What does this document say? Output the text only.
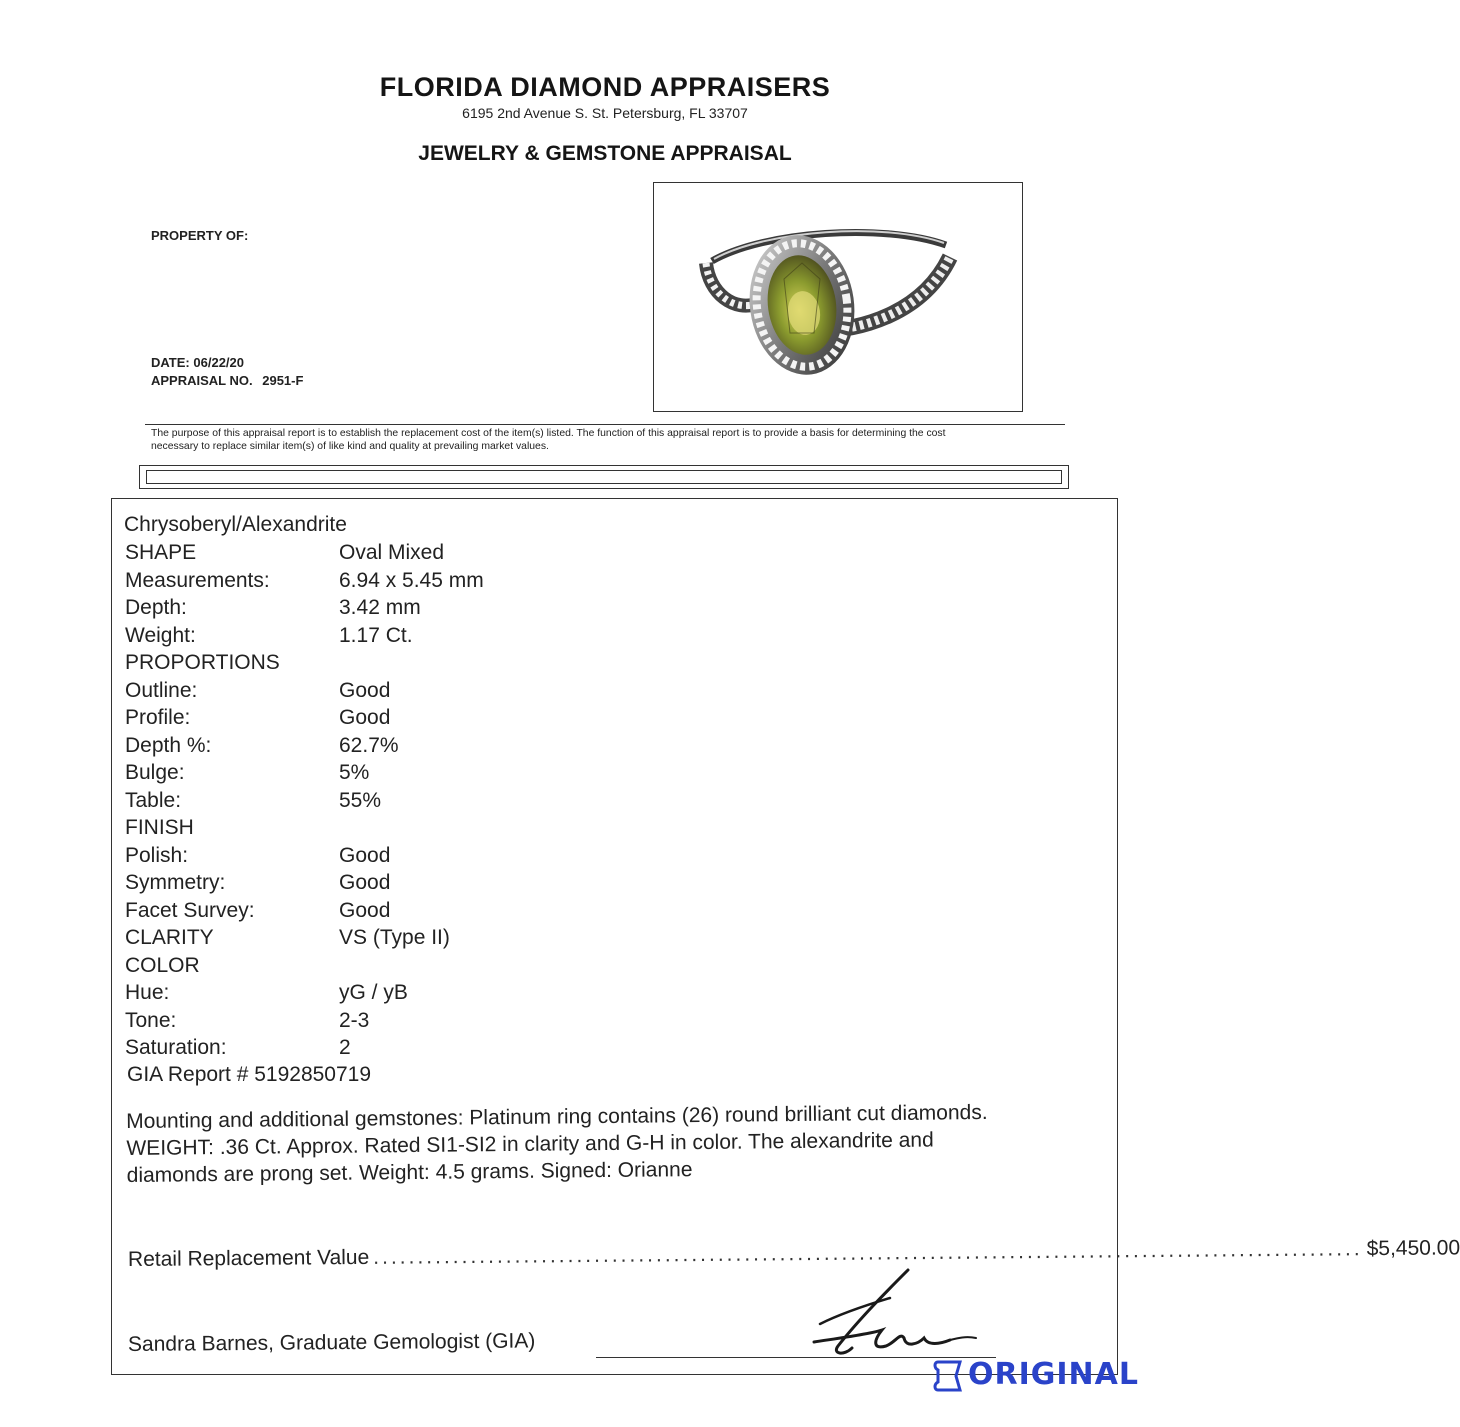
FLORIDA DIAMOND APPRAISERS
6195 2nd Avenue S. St. Petersburg, FL 33707
JEWELRY & GEMSTONE APPRAISAL
PROPERTY OF:
DATE: 06/22/20
APPRAISAL NO. 2951-F
The purpose of this appraisal report is to establish the replacement cost of the item(s) listed. The function of this appraisal report is to provide a basis for determining the cost
necessary to replace similar item(s) of like kind and quality at prevailing market values.
Chrysoberyl/Alexandrite
SHAPE	Oval Mixed
Measurements:	6.94 x 5.45 mm
Depth:	3.42 mm
Weight:	1.17 Ct.
PROPORTIONS
Outline:	Good
Profile:	Good
Depth %:	62.7%
Bulge:	5%
Table:	55%
FINISH
Polish:	Good
Symmetry:	Good
Facet Survey:	Good
CLARITY	VS (Type II)
COLOR
Hue:	yG / yB
Tone:	2-3
Saturation:	2
GIA Report # 5192850719
Mounting and additional gemstones: Platinum ring contains (26) round brilliant cut diamonds.
WEIGHT: .36 Ct. Approx. Rated SI1-SI2 in clarity and G-H in color. The alexandrite and
diamonds are prong set. Weight: 4.5 grams. Signed: Orianne
Retail Replacement Value ................................................................................................................ $5,450.00
Sandra Barnes, Graduate Gemologist (GIA)
ORIGINAL
